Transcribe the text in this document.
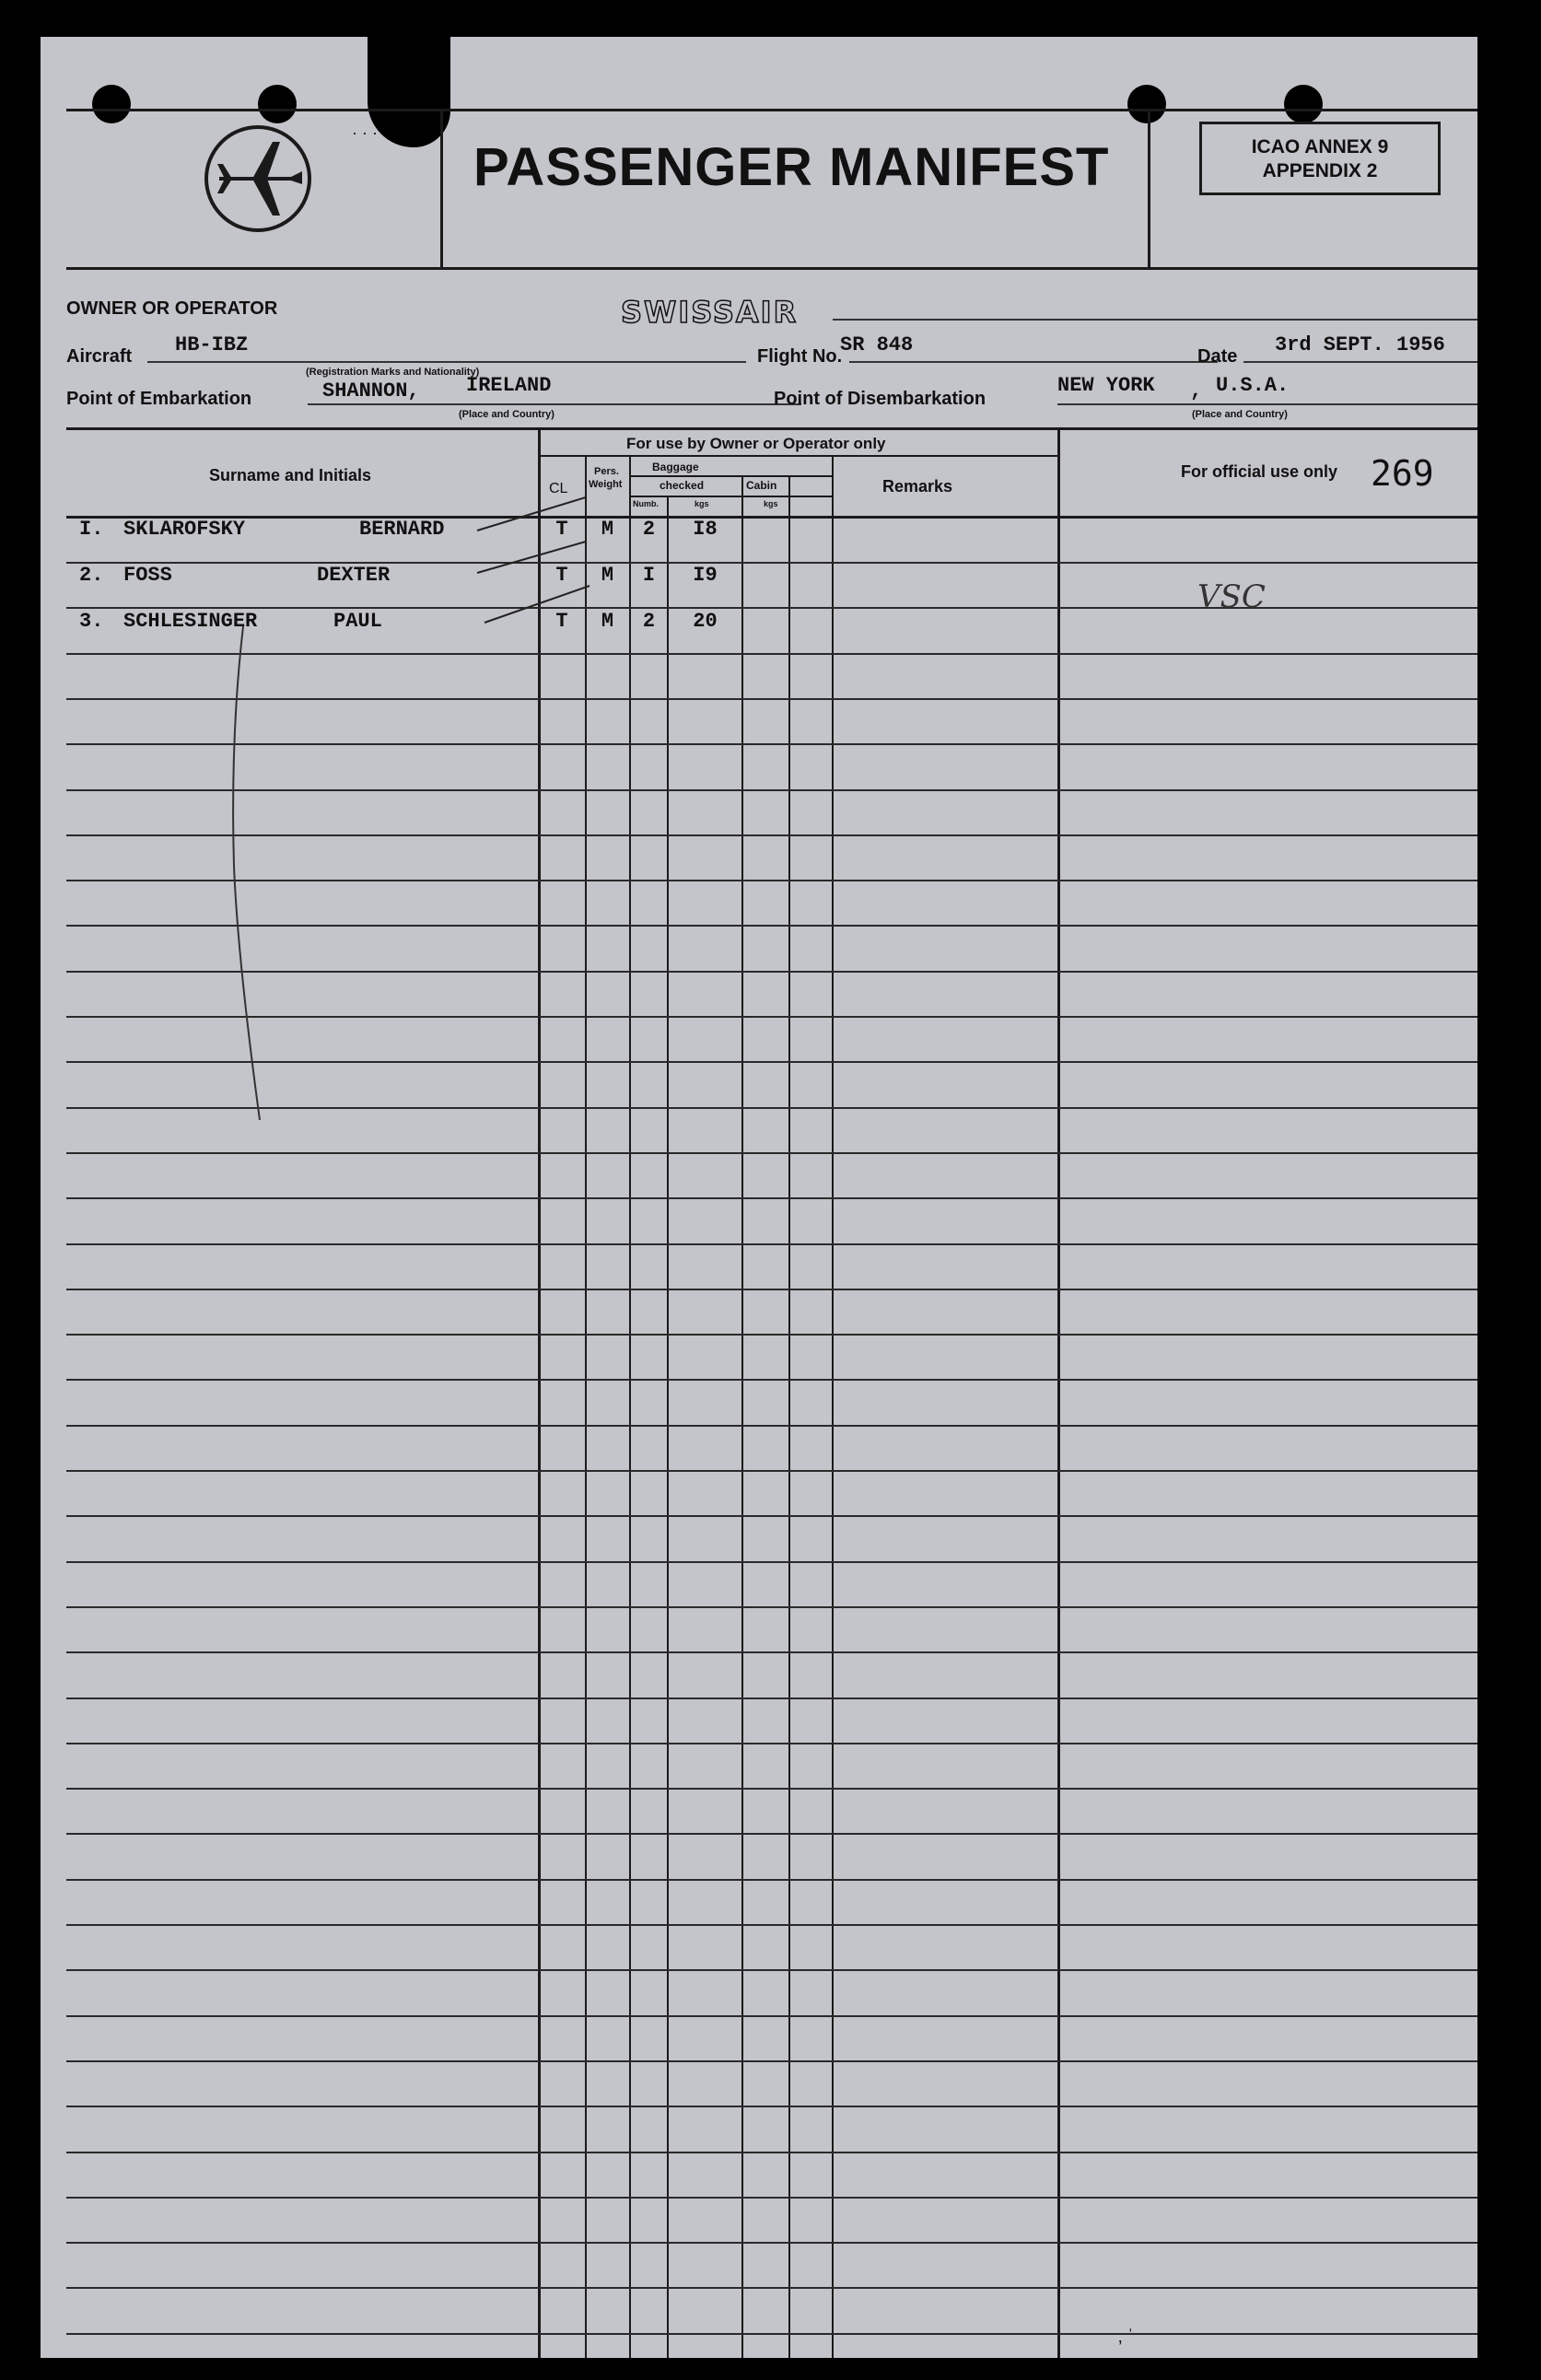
· · ·
PASSENGER MANIFEST	ICAO ANNEX 9
APPENDIX 2
OWNER OR OPERATOR	SWISSAIR
Aircraft HB-IBZ
(Registration Marks and Nationality)
Flight No.
SR 848	Date 3rd SEPT. 1956
Point of Embarkation	SHANNON, IRELAND
(Place and Country)
Point of Disembarkation
NEW YORK , U.S.A.
(Place and Country)
For use by Owner or Operator only
Surname and Initials
CL
Pers.
Weight
Baggage
checked	Cabin
Numb.	kgs	kgs
Remarks
For official use only 269
I. SKLAROFSKY	BERNARD	T	M	2	I8
2. FOSS	DEXTER	T	M	I	I9
3. SCHLESINGER	PAUL	T	M	2	20
VSC
‚ ˈ
